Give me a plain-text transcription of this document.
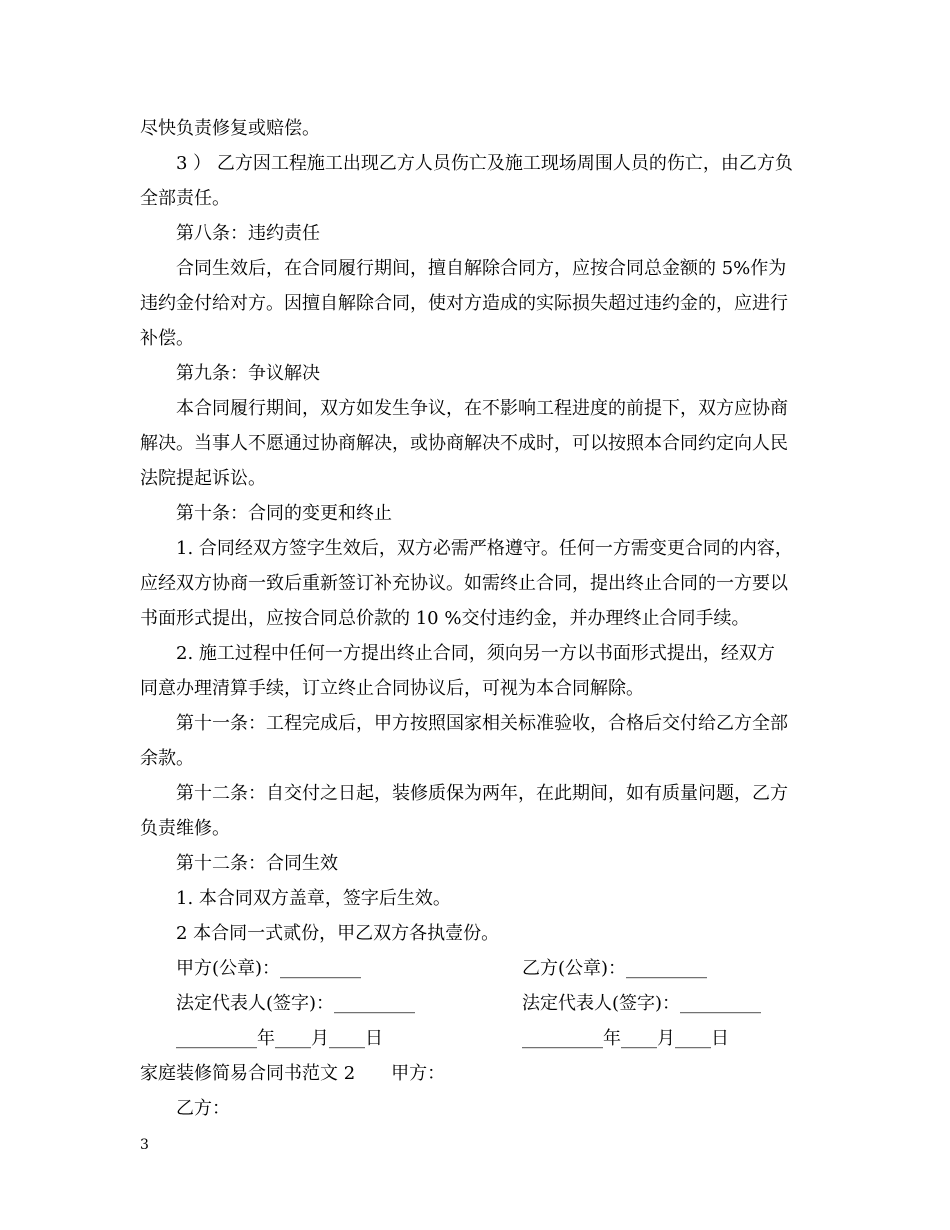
尽快负责修复或赔偿。
3 ） 乙方因工程施工出现乙方人员伤亡及施工现场周围人员的伤亡，由乙方负
全部责任。
第八条：违约责任
合同生效后，在合同履行期间，擅自解除合同方，应按合同总金额的 5%作为
违约金付给对方。因擅自解除合同，使对方造成的实际损失超过违约金的，应进行
补偿。
第九条：争议解决
本合同履行期间，双方如发生争议，在不影响工程进度的前提下，双方应协商
解决。当事人不愿通过协商解决，或协商解决不成时，可以按照本合同约定向人民
法院提起诉讼。
第十条：合同的变更和终止
1. 合同经双方签字生效后，双方必需严格遵守。任何一方需变更合同的内容，
应经双方协商一致后重新签订补充协议。如需终止合同，提出终止合同的一方要以
书面形式提出，应按合同总价款的 10 %交付违约金，并办理终止合同手续。
2. 施工过程中任何一方提出终止合同，须向另一方以书面形式提出，经双方
同意办理清算手续，订立终止合同协议后，可视为本合同解除。
第十一条：工程完成后，甲方按照国家相关标准验收，合格后交付给乙方全部
余款。
第十二条：自交付之日起，装修质保为两年，在此期间，如有质量问题，乙方
负责维修。
第十二条：合同生效
1. 本合同双方盖章，签字后生效。
2 本合同一式贰份，甲乙双方各执壹份。
甲方(公章)：_________	乙方(公章)：_________
法定代表人(签字)：_________	法定代表人(签字)：_________
_________年____月____日	_________年____月____日
家庭装修简易合同书范文 2　　甲方：
乙方：
3
